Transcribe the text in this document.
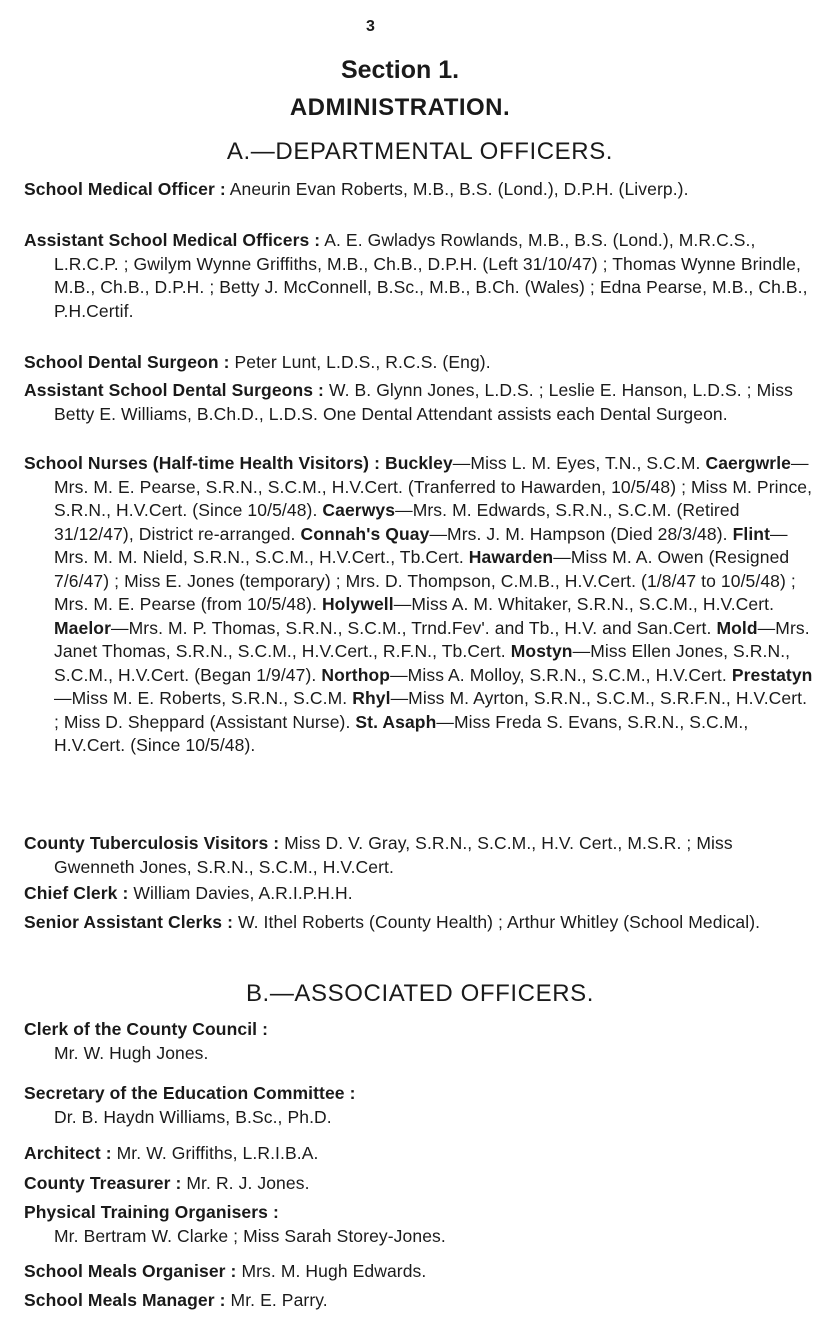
3
Section 1.
ADMINISTRATION.
A.—DEPARTMENTAL OFFICERS.
School Medical Officer : Aneurin Evan Roberts, M.B., B.S. (Lond.), D.P.H. (Liverp.).
Assistant School Medical Officers : A. E. Gwladys Rowlands, M.B., B.S. (Lond.), M.R.C.S., L.R.C.P. ; Gwilym Wynne Griffiths, M.B., Ch.B., D.P.H. (Left 31/10/47) ; Thomas Wynne Brindle, M.B., Ch.B., D.P.H. ; Betty J. McConnell, B.Sc., M.B., B.Ch. (Wales) ; Edna Pearse, M.B., Ch.B., P.H.Certif.
School Dental Surgeon : Peter Lunt, L.D.S., R.C.S. (Eng).
Assistant School Dental Surgeons : W. B. Glynn Jones, L.D.S. ; Leslie E. Hanson, L.D.S. ; Miss Betty E. Williams, B.Ch.D., L.D.S. One Dental Attendant assists each Dental Surgeon.
School Nurses (Half-time Health Visitors) : Buckley—Miss L. M. Eyes, T.N., S.C.M. Caergwrle—Mrs. M. E. Pearse, S.R.N., S.C.M., H.V.Cert. (Tranferred to Hawarden, 10/5/48) ; Miss M. Prince, S.R.N., H.V.Cert. (Since 10/5/48). Caerwys—Mrs. M. Edwards, S.R.N., S.C.M. (Retired 31/12/47), District re-arranged. Connah's Quay—Mrs. J. M. Hampson (Died 28/3/48). Flint—Mrs. M. M. Nield, S.R.N., S.C.M., H.V.Cert., Tb.Cert. Hawarden—Miss M. A. Owen (Resigned 7/6/47) ; Miss E. Jones (temporary) ; Mrs. D. Thompson, C.M.B., H.V.Cert. (1/8/47 to 10/5/48) ; Mrs. M. E. Pearse (from 10/5/48). Holywell—Miss A. M. Whitaker, S.R.N., S.C.M., H.V.Cert. Maelor—Mrs. M. P. Thomas, S.R.N., S.C.M., Trnd.Fev'. and Tb., H.V. and San.Cert. Mold—Mrs. Janet Thomas, S.R.N., S.C.M., H.V.Cert., R.F.N., Tb.Cert. Mostyn—Miss Ellen Jones, S.R.N., S.C.M., H.V.Cert. (Began 1/9/47). Northop—Miss A. Molloy, S.R.N., S.C.M., H.V.Cert. Prestatyn—Miss M. E. Roberts, S.R.N., S.C.M. Rhyl—Miss M. Ayrton, S.R.N., S.C.M., S.R.F.N., H.V.Cert. ; Miss D. Sheppard (Assistant Nurse). St. Asaph—Miss Freda S. Evans, S.R.N., S.C.M., H.V.Cert. (Since 10/5/48).
County Tuberculosis Visitors : Miss D. V. Gray, S.R.N., S.C.M., H.V. Cert., M.S.R. ; Miss Gwenneth Jones, S.R.N., S.C.M., H.V.Cert.
Chief Clerk : William Davies, A.R.I.P.H.H.
Senior Assistant Clerks : W. Ithel Roberts (County Health) ; Arthur Whitley (School Medical).
B.—ASSOCIATED OFFICERS.
Clerk of the County Council :
Mr. W. Hugh Jones.
Secretary of the Education Committee :
Dr. B. Haydn Williams, B.Sc., Ph.D.
Architect : Mr. W. Griffiths, L.R.I.B.A.
County Treasurer : Mr. R. J. Jones.
Physical Training Organisers :
Mr. Bertram W. Clarke ; Miss Sarah Storey-Jones.
School Meals Organiser : Mrs. M. Hugh Edwards.
School Meals Manager : Mr. E. Parry.
